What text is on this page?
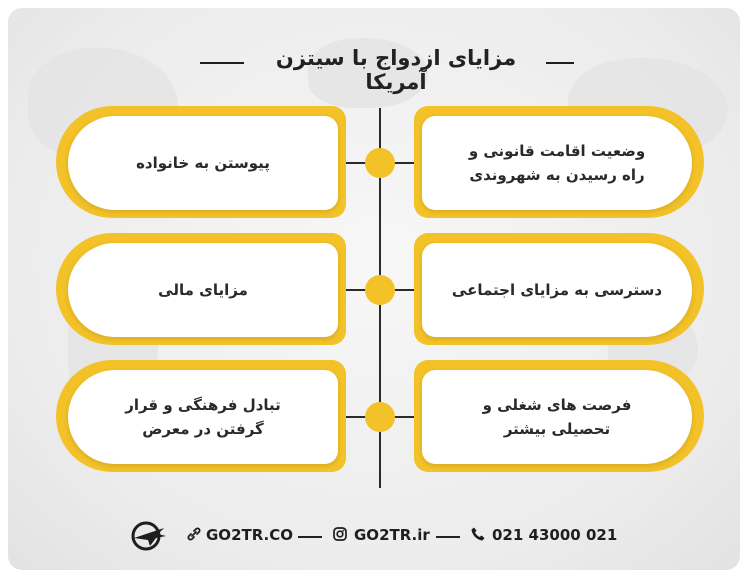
مزایای ازدواج با سیتزن آمریکا
پیوستن به خانواده
مزایای مالی
تبادل فرهنگی و قرار
گرفتن در معرض
وضعیت اقامت قانونی و
راه رسیدن به شهروندی
دسترسی به مزایای اجتماعی
فرصت های شغلی و
تحصیلی بیشتر
GO2TR.CO	GO2TR.ir	021 43000 021
